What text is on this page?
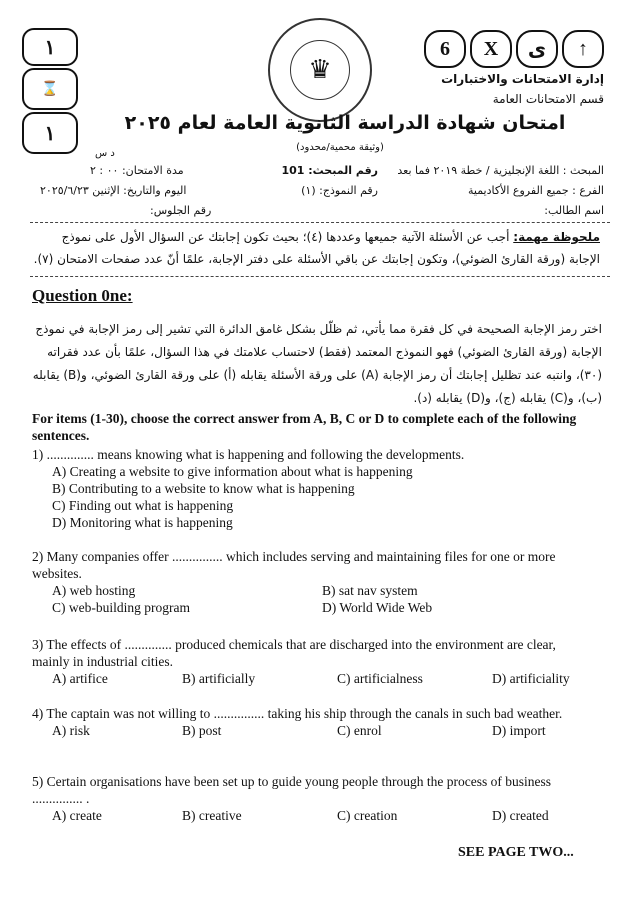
١
⌛
١
6 X ى ↑
♛	إدارة الامتحانات والاختبارات
قسم الامتحانات العامة
امتحان شهادة الدراسة الثانوية العامة لعام ٢٠٢٥
(وثيقة محمية/محدود)
المبحث : اللغة الإنجليزية / خطة ٢٠١٩ فما بعد
الفرع : جميع الفروع الأكاديمية
اسم الطالب:
رقم المبحث: 101
رقم النموذج: (١)
د س
مدة الامتحان: ٠٠ : ٢
اليوم والتاريخ: الإثنين ٢٠٢٥/٦/٢٣
رقم الجلوس:
ملحوظة مهمة: أجب عن الأسئلة الآتية جميعها وعددها (٤)؛ بحيث تكون إجابتك عن السؤال الأول على نموذج الإجابة (ورقة القارئ الضوئي)، وتكون إجابتك عن باقي الأسئلة على دفتر الإجابة، علمًا أنّ عدد صفحات الامتحان (٧).
Question 0ne:
اختر رمز الإجابة الصحيحة في كل فقرة مما يأتي، ثم ظلّل بشكل غامق الدائرة التي تشير إلى رمز الإجابة في نموذج الإجابة (ورقة القارئ الضوئي) فهو النموذج المعتمد (فقط) لاحتساب علامتك في هذا السؤال، علمًا بأن عدد فقراته (٣٠)، وانتبه عند تظليل إجابتك أن رمز الإجابة (A) على ورقة الأسئلة يقابله (أ) على ورقة القارئ الضوئي، و(B) يقابله (ب)، و(C) يقابله (ج)، و(D) يقابله (د).
For items (1-30), choose the correct answer from A, B, C or D to complete each of the following sentences.
1) .............. means knowing what is happening and following the developments.
A) Creating a website to give information about what is happening
B) Contributing to a website to know what is happening
C) Finding out what is happening
D) Monitoring what is happening
2) Many companies offer ............... which includes serving and maintaining files for one or more websites.
A) web hosting	B) sat nav system
C) web-building program	D) World Wide Web
3) The effects of .............. produced chemicals that are discharged into the environment are clear, mainly in industrial cities.
A) artifice	B) artificially	C) artificialness	D) artificiality
4) The captain was not willing to ............... taking his ship through the canals in such bad weather.
A) risk	B) post	C) enrol	D) import
5) Certain organisations have been set up to guide young people through the process of business ............... .
A) create	B) creative	C) creation	D) created
SEE PAGE TWO...
